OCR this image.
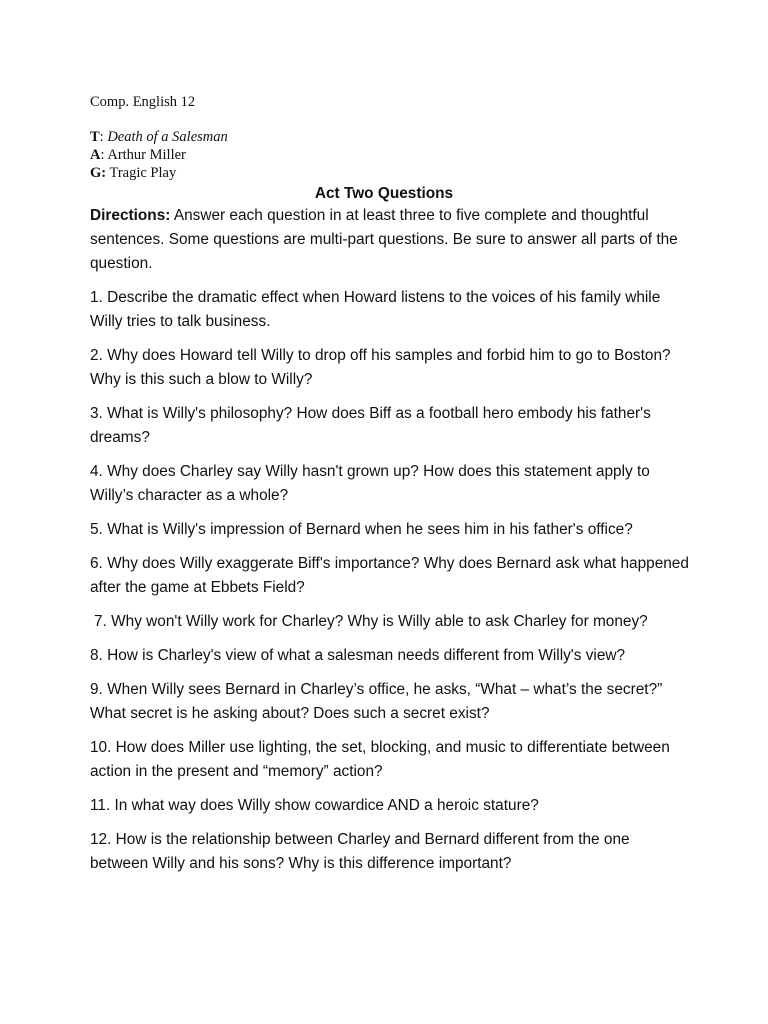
Comp. English 12
T: Death of a Salesman
A: Arthur Miller
G: Tragic Play
Act Two Questions

Directions: Answer each question in at least three to five complete and thoughtful sentences. Some questions are multi-part questions. Be sure to answer all parts of the question.

1. Describe the dramatic effect when Howard listens to the voices of his family while Willy tries to talk business.

2. Why does Howard tell Willy to drop off his samples and forbid him to go to Boston? Why is this such a blow to Willy?

3. What is Willy's philosophy? How does Biff as a football hero embody his father's dreams?

4. Why does Charley say Willy hasn't grown up? How does this statement apply to Willy’s character as a whole?

5. What is Willy's impression of Bernard when he sees him in his father's office?

6. Why does Willy exaggerate Biff's importance? Why does Bernard ask what happened after the game at Ebbets Field?

7. Why won't Willy work for Charley? Why is Willy able to ask Charley for money?

8. How is Charley's view of what a salesman needs different from Willy's view?

9. When Willy sees Bernard in Charley’s office, he asks, “What – what’s the secret?” What secret is he asking about? Does such a secret exist?

10. How does Miller use lighting, the set, blocking, and music to differentiate between action in the present and “memory” action?

11. In what way does Willy show cowardice AND a heroic stature?

12. How is the relationship between Charley and Bernard different from the one between Willy and his sons? Why is this difference important?
